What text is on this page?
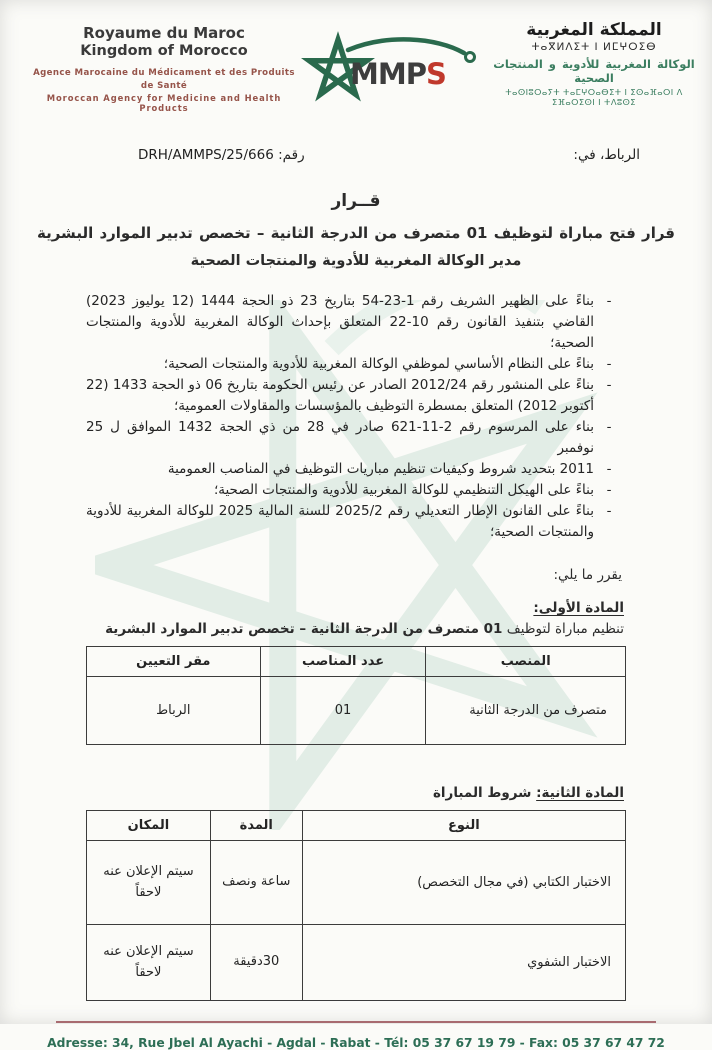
Royaume du Maroc
Kingdom of Morocco
Agence Marocaine du Médicament et des Produits de Santé
Moroccan Agency for Medicine and Health Products
MMPS
المملكة المغربية
ⵜⴰⴳⵍⴷⵉⵜ ⵏ ⵍⵎⵖⵔⵉⴱ
الوكالة المغربية للأدوية و المنتجات الصحية
ⵜⴰⵙⵏⵓⵔⴰⵢⵜ ⵜⴰⵎⵖⵔⴰⴱⵉⵜ ⵏ ⵉⵙⴰⴼⴰⵔⵏ ⴷ ⵉⴼⴰⵔⵉⵙⵏ ⵏ ⵜⴷⵓⵙⵉ
رقم: 666/DRH/AMMPS/25	الرباط، في:
قــرار
قرار فتح مباراة لتوظيف 01 متصرف من الدرجة الثانية – تخصص تدبير الموارد البشرية
مدير الوكالة المغربية للأدوية والمنتجات الصحية
- بناءً على الظهير الشريف رقم 1-23-54 بتاريخ 23 ذو الحجة 1444 (12 يوليوز 2023) القاضي بتنفيذ القانون رقم 10-22 المتعلق بإحداث الوكالة المغربية للأدوية والمنتجات الصحية؛
- بناءً على النظام الأساسي لموظفي الوكالة المغربية للأدوية والمنتجات الصحية؛
- بناءً على المنشور رقم 2012/24 الصادر عن رئيس الحكومة بتاريخ 06 ذو الحجة 1433 (22 أكتوبر 2012) المتعلق بمسطرة التوظيف بالمؤسسات والمقاولات العمومية؛
- بناء على المرسوم رقم 2-11-621 صادر في 28 من ذي الحجة 1432 الموافق ل 25 نوفمبر
- 2011 بتحديد شروط وكيفيات تنظيم مباريات التوظيف في المناصب العمومية
- بناءً على الهيكل التنظيمي للوكالة المغربية للأدوية والمنتجات الصحية؛
- بناءً على القانون الإطار التعديلي رقم 2025/2 للسنة المالية 2025 للوكالة المغربية للأدوية والمنتجات الصحية؛
يقرر ما يلي:
المادة الأولى:
تنظيم مباراة لتوظيف 01 متصرف من الدرجة الثانية – تخصص تدبير الموارد البشرية
المنصب	عدد المناصب	مقر التعيين
متصرف من الدرجة الثانية	01	الرباط
المادة الثانية: شروط المباراة
النوع	المدة	المكان
الاختبار الكتابي (في مجال التخصص)	ساعة ونصف	سيتم الإعلان عنه لاحقاً
الاختبار الشفوي	30دقيقة	سيتم الإعلان عنه لاحقاً
Adresse: 34, Rue Jbel Al Ayachi - Agdal - Rabat - Tél: 05 37 67 19 79 - Fax: 05 37 67 47 72
